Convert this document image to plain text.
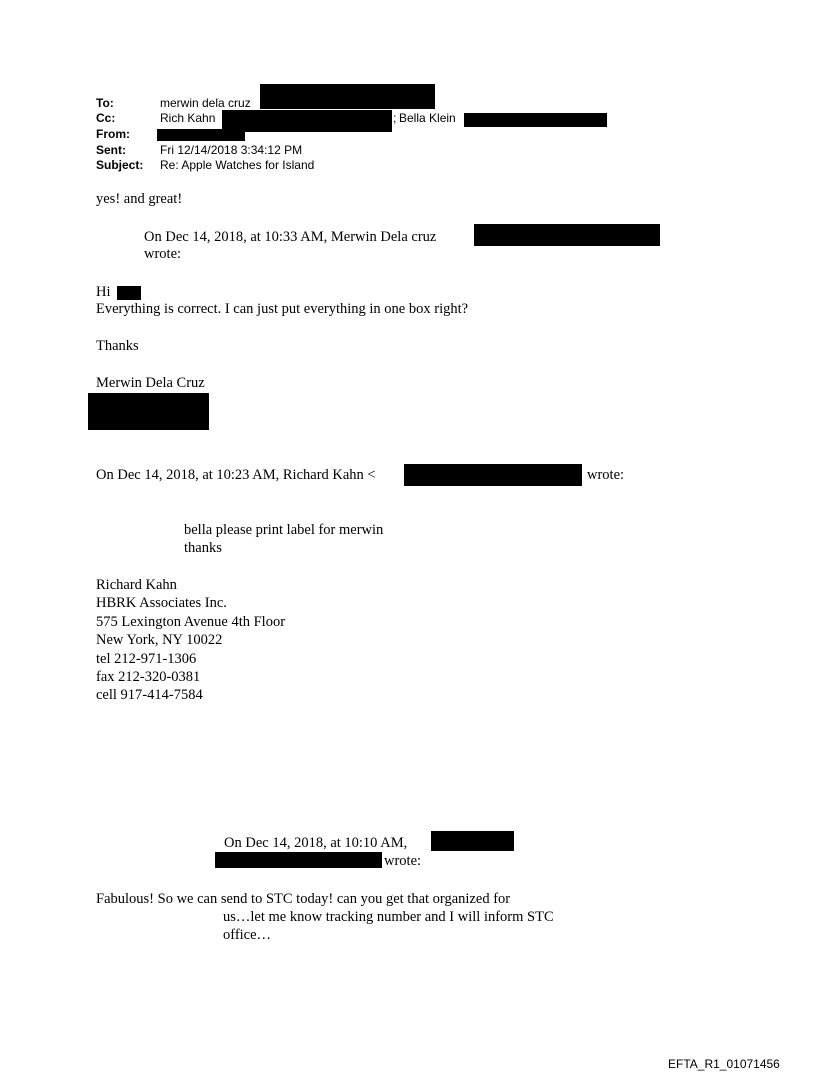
To:	merwin dela cruz
Cc:	Rich Kahn	; Bella Klein
From:
Sent:	Fri 12/14/2018 3:34:12 PM
Subject: Re: Apple Watches for Island
yes! and great!
On Dec 14, 2018, at 10:33 AM, Merwin Dela cruz
wrote:
Hi
Everything is correct. I can just put everything in one box right?
Thanks
Merwin Dela Cruz
On Dec 14, 2018, at 10:23 AM, Richard Kahn <	wrote:
bella please print label for merwin
thanks
Richard Kahn
HBRK Associates Inc.
575 Lexington Avenue 4th Floor
New York, NY 10022
tel 212-971-1306
fax 212-320-0381
cell 917-414-7584
On Dec 14, 2018, at 10:10 AM,
wrote:
Fabulous! So we can send to STC today! can you get that organized for
us…let me know tracking number and I will inform STC
office…
EFTA_R1_01071456
